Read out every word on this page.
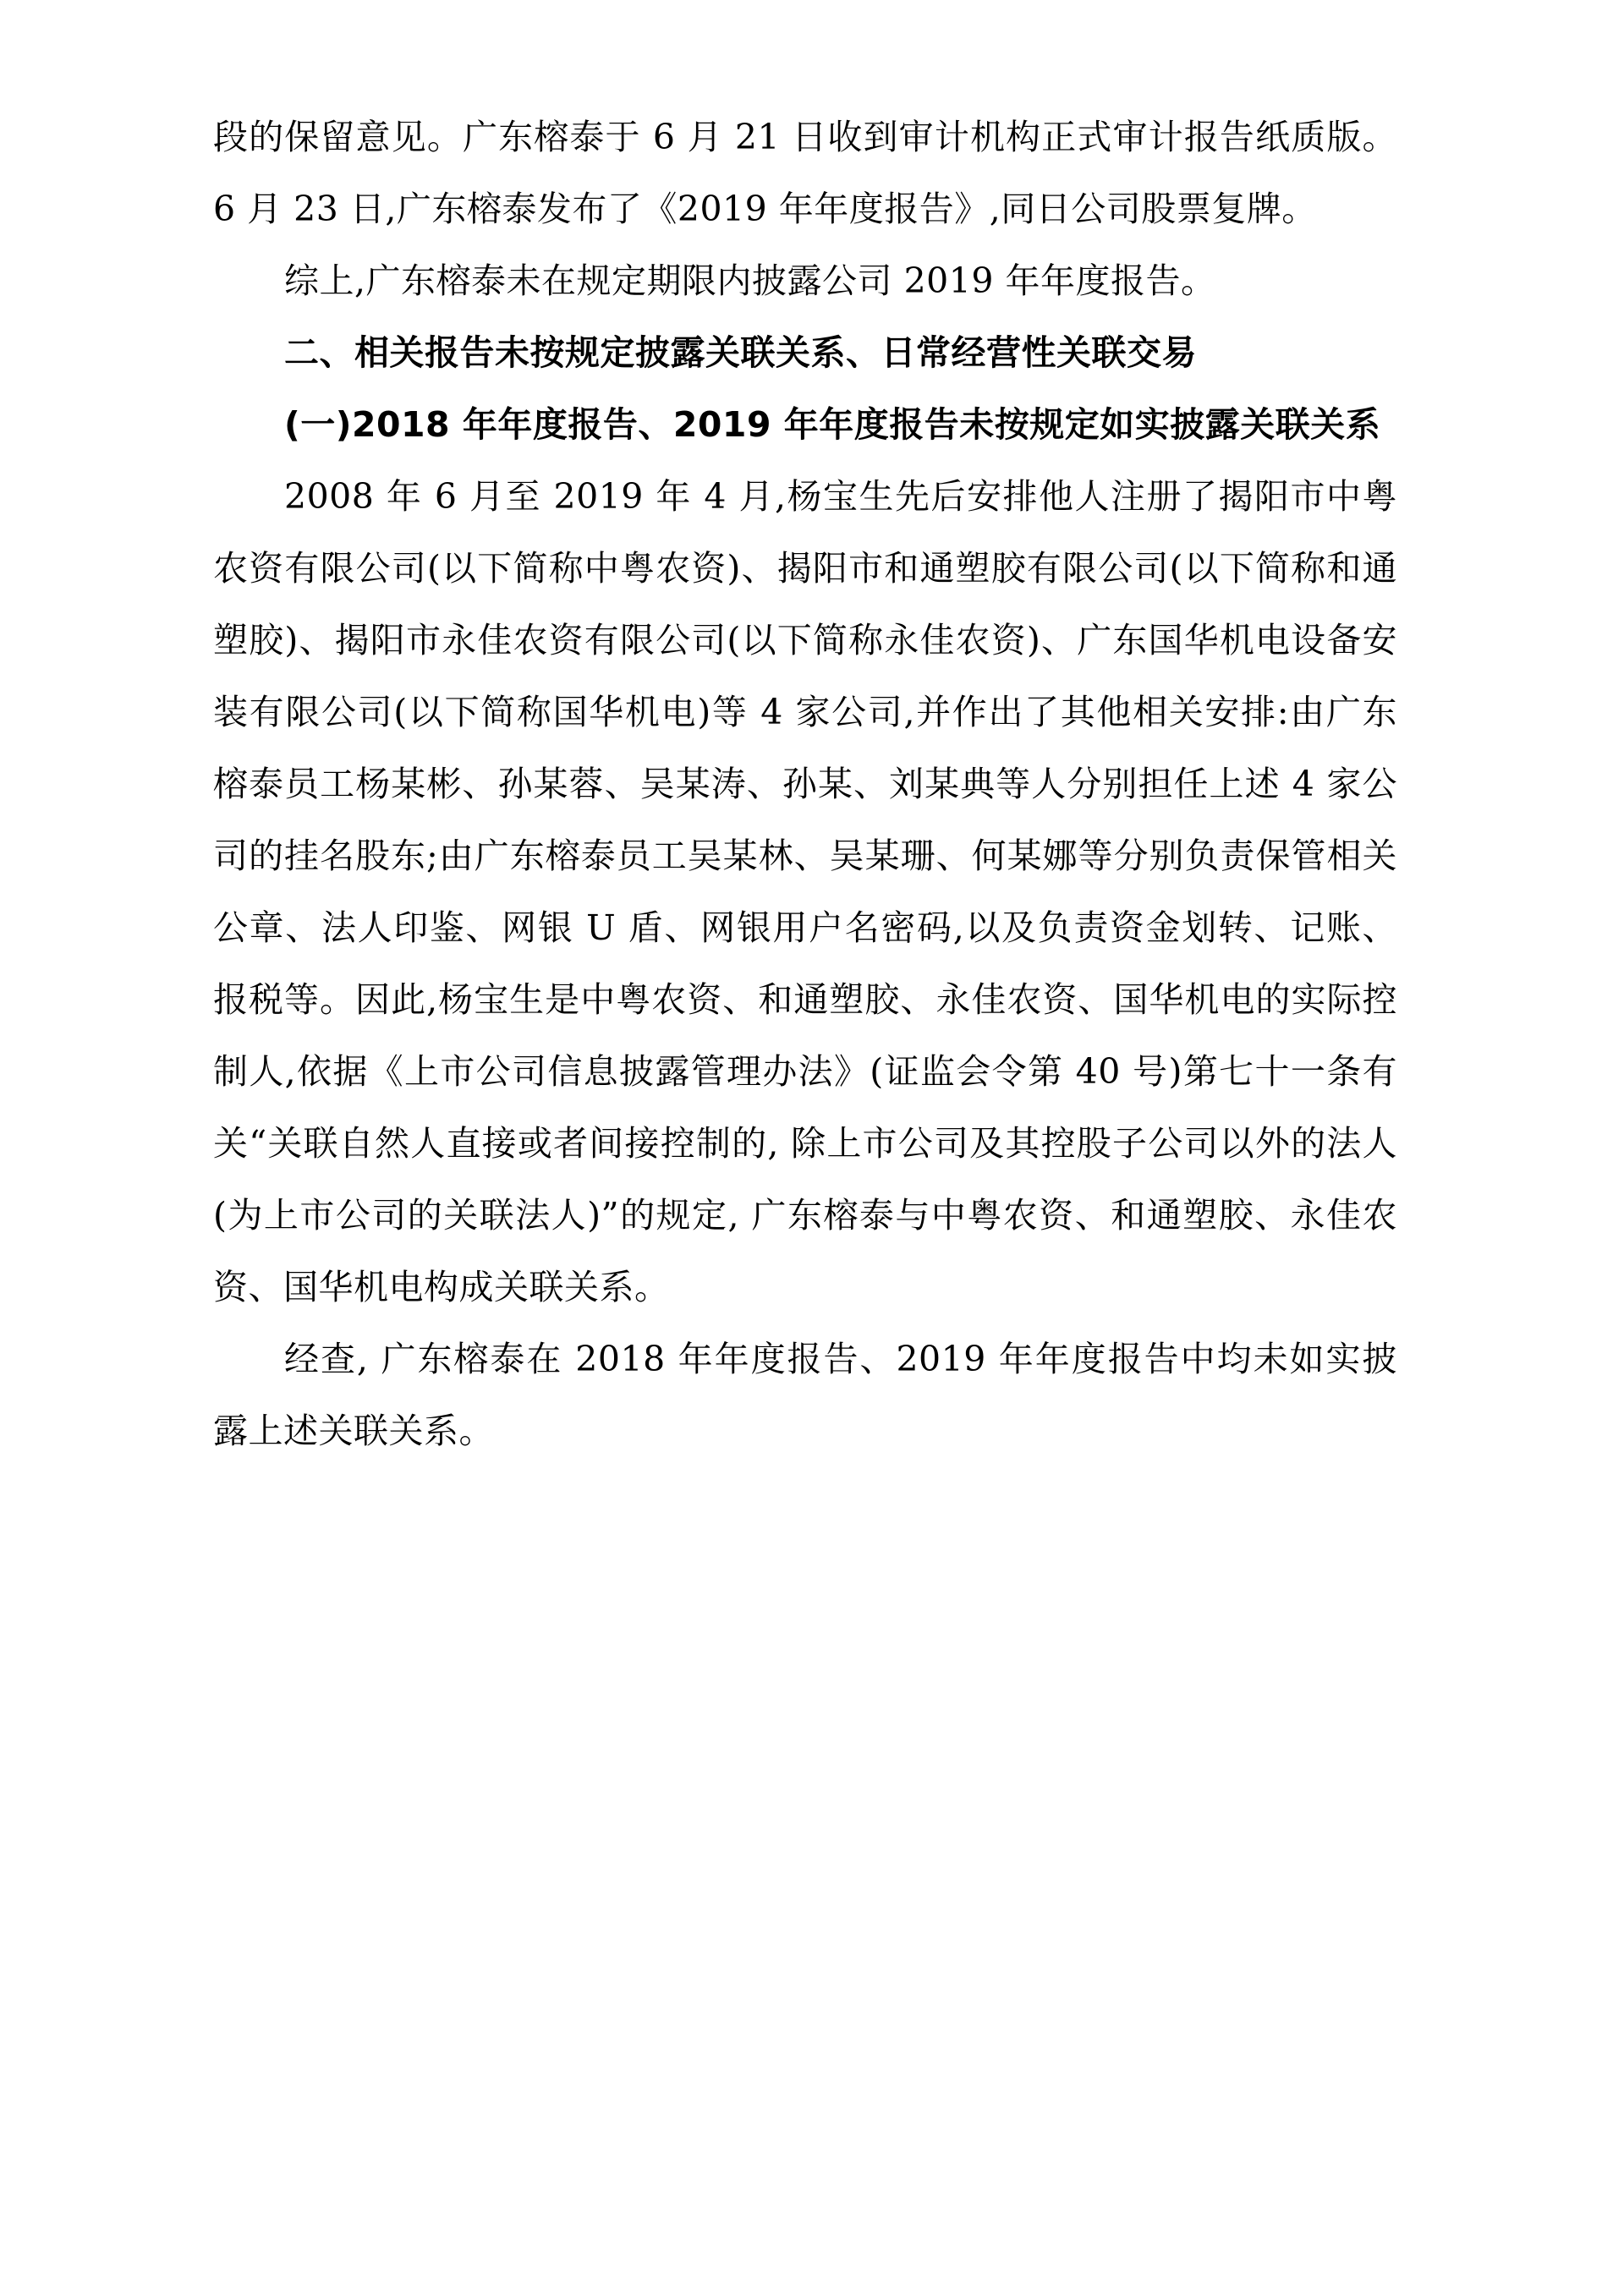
段的保留意见。广东榕泰于 6 月 21 日收到审计机构正式审计报告纸质版。6 月 23 日,广东榕泰发布了《2019 年年度报告》,同日公司股票复牌。

综上,广东榕泰未在规定期限内披露公司 2019 年年度报告。

二、相关报告未按规定披露关联关系、日常经营性关联交易

(一)2018 年年度报告、2019 年年度报告未按规定如实披露关联关系

2008 年 6 月至 2019 年 4 月,杨宝生先后安排他人注册了揭阳市中粤农资有限公司(以下简称中粤农资)、揭阳市和通塑胶有限公司(以下简称和通塑胶)、揭阳市永佳农资有限公司(以下简称永佳农资)、广东国华机电设备安装有限公司(以下简称国华机电)等 4 家公司,并作出了其他相关安排:由广东榕泰员工杨某彬、孙某蓉、吴某涛、孙某、刘某典等人分别担任上述 4 家公司的挂名股东;由广东榕泰员工吴某林、吴某珊、何某娜等分别负责保管相关公章、法人印鉴、网银 U 盾、网银用户名密码,以及负责资金划转、记账、报税等。因此,杨宝生是中粤农资、和通塑胶、永佳农资、国华机电的实际控制人,依据《上市公司信息披露管理办法》(证监会令第 40 号)第七十一条有关“关联自然人直接或者间接控制的, 除上市公司及其控股子公司以外的法人(为上市公司的关联法人)”的规定, 广东榕泰与中粤农资、和通塑胶、永佳农资、国华机电构成关联关系。

经查, 广东榕泰在 2018 年年度报告、2019 年年度报告中均未如实披露上述关联关系。
